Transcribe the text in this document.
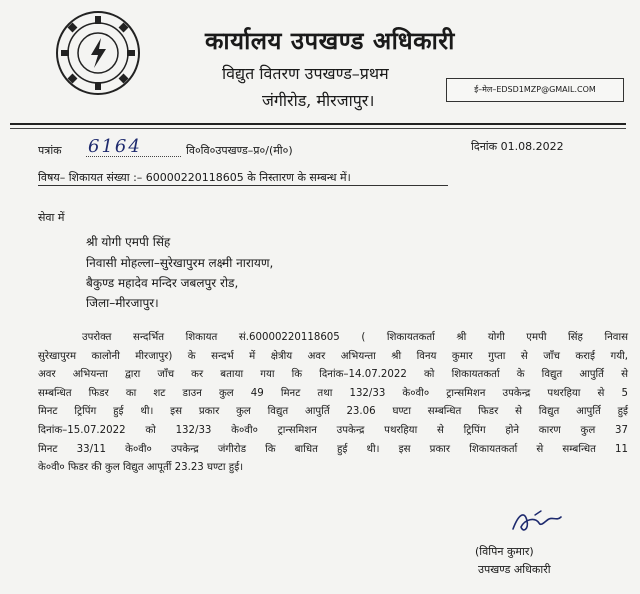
कार्यालय उपखण्ड अधिकारी
विद्युत वितरण उपखण्ड–प्रथम
जंगीरोड, मीरजापुर।
ई–मेल–EDSD1MZP@GMAIL.COM
पत्रांक 6164	वि०वि०उपखण्ड–प्र०/(मी०)	दिनांक 01.08.2022
विषय– शिकायत संख्या :– 60000220118605 के निस्तारण के सम्बन्ध में।
सेवा में
श्री योगी एमपी सिंह
निवासी मोहल्ला–सुरेखापुरम लक्ष्मी नारायण,
बैकुण्ड महादेव मन्दिर जबलपुर रोड,
जिला–मीरजापुर।
उपरोक्त सन्दर्भित शिकायत सं.60000220118605 ( शिकायतकर्ता श्री योगी एमपी सिंह निवास
सुरेखापुरम कालोनी मीरजापुर) के सन्दर्भ में क्षेत्रीय अवर अभियन्ता श्री विनय कुमार गुप्ता से जाँच कराई गयी,
अवर अभियन्ता द्वारा जाँच कर बताया गया कि दिनांक–14.07.2022 को शिकायतकर्ता के विद्युत आपुर्ति से
सम्बन्धित फिडर का शट डाउन कुल 49 मिनट तथा 132/33 के०वी० ट्रान्समिशन उपकेन्द्र पथरहिया से 5
मिनट ट्रिपिंग हुई थी। इस प्रकार कुल विद्युत आपुर्ति 23.06 घण्टा सम्बन्धित फिडर से विद्युत आपुर्ति हुई
दिनांक–15.07.2022 को 132/33 के०वी० ट्रान्समिशन उपकेन्द्र पथरहिया से ट्रिपिंग होने कारण कुल 37
मिनट 33/11 के०वी० उपकेन्द्र जंगीरोड कि बाधित हुई थी। इस प्रकार शिकायतकर्ता से सम्बन्धित 11
के०वी० फिडर की कुल विद्युत आपूर्ती 23.23 घण्टा हुई।
(विपिन कुमार)
उपखण्ड अधिकारी
